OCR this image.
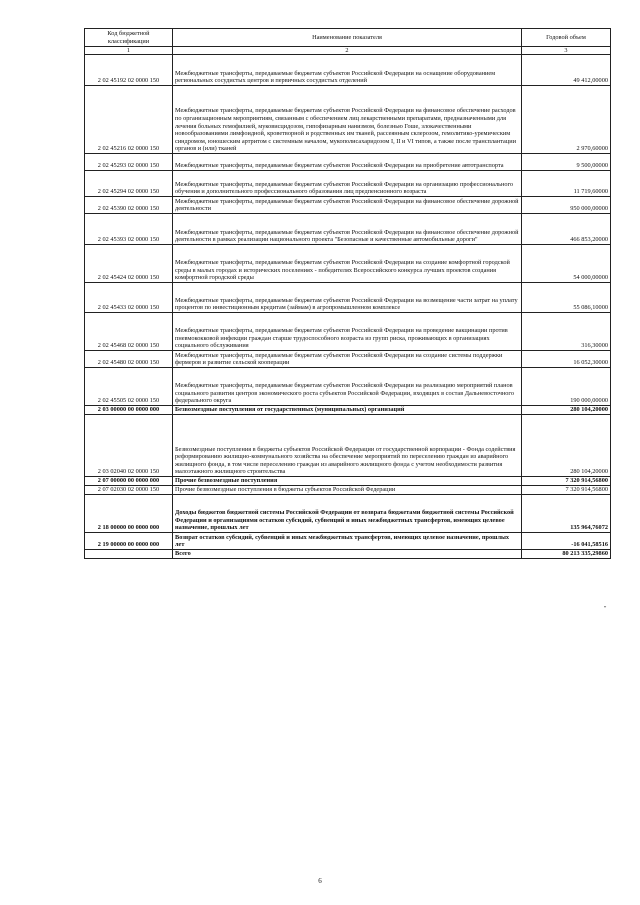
Код бюджетной классификации	Наименование показателя	Годовой объем
1	2	3
2 02 45192 02 0000 150	Межбюджетные трансферты, передаваемые бюджетам субъектов Российской Федерации на оснащение оборудованием региональных сосудистых центров и первичных сосудистых отделений	49 412,00000
2 02 45216 02 0000 150	Межбюджетные трансферты, передаваемые бюджетам субъектов Российской Федерации на финансовое обеспечение расходов по организационным мероприятиям, связанным с обеспечением лиц лекарственными препаратами, предназначенными для лечения больных гемофилией, муковисцидозом, гипофизарным нанизмом, болезнью Гоше, злокачественными новообразованиями лимфоидной, кроветворной и родственных им тканей, рассеянным склерозом, гемолитико-уремическим синдромом, юношеским артритом с системным началом, мукополисахаридозом I, II и VI типов, а также после трансплантации органов и (или) тканей	2 970,60000
2 02 45293 02 0000 150	Межбюджетные трансферты, передаваемые бюджетам субъектов Российской Федерации на приобретение автотранспорта	9 500,00000
2 02 45294 02 0000 150	Межбюджетные трансферты, передаваемые бюджетам субъектов Российской Федерации на организацию профессионального обучения и дополнительного профессионального образования лиц предпенсионного возраста	11 719,60000
2 02 45390 02 0000 150	Межбюджетные трансферты, передаваемые бюджетам субъектов Российской Федерации на финансовое обеспечение дорожной деятельности	950 000,00000
2 02 45393 02 0000 150	Межбюджетные трансферты, передаваемые бюджетам субъектов Российской Федерации на финансовое обеспечение дорожной деятельности в рамках реализации национального проекта "Безопасные и качественные автомобильные дороги"	466 853,20000
2 02 45424 02 0000 150	Межбюджетные трансферты, передаваемые бюджетам субъектов Российской Федерации на создание комфортной городской среды в малых городах и исторических поселениях - победителях Всероссийского конкурса лучших проектов создания комфортной городской среды	54 000,00000
2 02 45433 02 0000 150	Межбюджетные трансферты, передаваемые бюджетам субъектов Российской Федерации на возмещение части затрат на уплату процентов по инвестиционным кредитам (займам) в агропромышленном комплексе	55 086,10000
2 02 45468 02 0000 150	Межбюджетные трансферты, передаваемые бюджетам субъектов Российской Федерации на проведение вакцинации против пневмококковой инфекции граждан старше трудоспособного возраста из групп риска, проживающих в организациях социального обслуживания	316,30000
2 02 45480 02 0000 150	Межбюджетные трансферты, передаваемые бюджетам субъектов Российской Федерации на создание системы поддержки фермеров и развитие сельской кооперации	16 052,30000
2 02 45505 02 0000 150	Межбюджетные трансферты, передаваемые бюджетам субъектов Российской Федерации на реализацию мероприятий планов социального развития центров экономического роста субъектов Российской Федерации, входящих в состав Дальневосточного федерального округа	190 000,00000
2 03 00000 00 0000 000	Безвозмездные поступления от государственных (муниципальных) организаций	280 104,20000
2 03 02040 02 0000 150	Безвозмездные поступления в бюджеты субъектов Российской Федерации от государственной корпорации - Фонда содействия реформированию жилищно-коммунального хозяйства на обеспечение мероприятий по переселению граждан из аварийного жилищного фонда, в том числе переселению граждан из аварийного жилищного фонда с учетом необходимости развития малоэтажного жилищного строительства	280 104,20000
2 07 00000 00 0000 000	Прочие безвозмездные поступления	7 320 914,56800
2 07 02030 02 0000 150	Прочие безвозмездные поступления в бюджеты субъектов Российской Федерации	7 320 914,56800
2 18 00000 00 0000 000	Доходы бюджетов бюджетной системы Российской Федерации от возврата бюджетами бюджетной системы Российской Федерации и организациями остатков субсидий, субвенций и иных межбюджетных трансфертов, имеющих целевое назначение, прошлых лет	135 964,76072
2 19 00000 00 0000 000	Возврат остатков субсидий, субвенций и иных межбюджетных трансфертов, имеющих целевое назначение, прошлых лет	-16 041,58516
	Всего	80 213 335,29860
"
6
